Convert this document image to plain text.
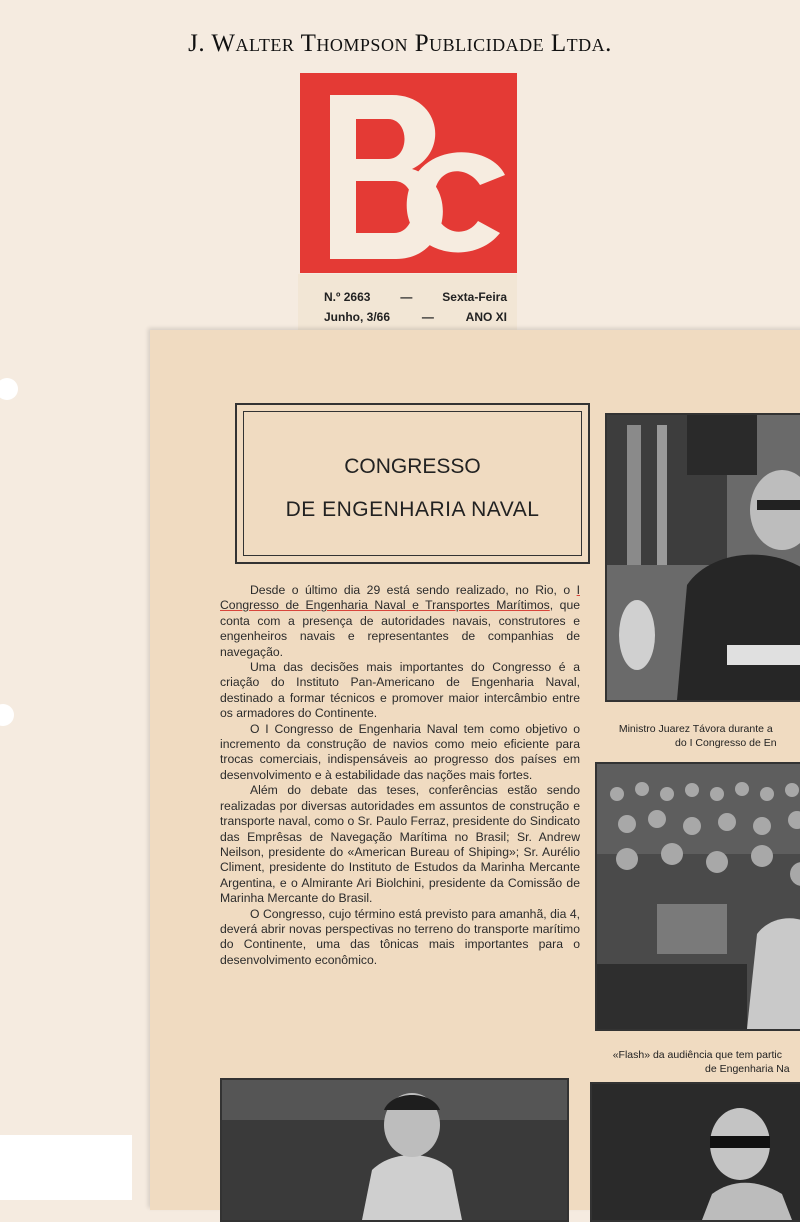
J. Walter Thompson Publicidade Ltda.
N.º 2663 — Sexta-Feira
Junho, 3/66	—	ANO XI
CONGRESSO
DE ENGENHARIA NAVAL

Desde o último dia 29 está sendo realizado, no Rio, o I Congresso de Engenharia Naval e Transportes Marítimos, que conta com a presença de autoridades navais, construtores e engenheiros navais e representantes de companhias de navegação.

Uma das decisões mais importantes do Congresso é a criação do Instituto Pan-Americano de Engenharia Naval, destinado a formar técnicos e promover maior intercâmbio entre os armadores do Continente.

O I Congresso de Engenharia Naval tem como objetivo o incremento da construção de navios como meio eficiente para trocas comerciais, indispensáveis ao progresso dos países em desenvolvimento e à estabilidade das nações mais fortes.

Além do debate das teses, conferências estão sendo realizadas por diversas autoridades em assuntos de construção e transporte naval, como o Sr. Paulo Ferraz, presidente do Sindicato das Emprêsas de Navegação Marítima no Brasil; Sr. Andrew Neilson, presidente do «American Bureau of Shiping»; Sr. Aurélio Climent, presidente do Instituto de Estudos da Marinha Mercante Argentina, e o Almirante Ari Biolchini, presidente da Comissão de Marinha Mercante do Brasil.

O Congresso, cujo término está previsto para amanhã, dia 4, deverá abrir novas perspectivas no terreno do transporte marítimo do Continente, uma das tônicas mais importantes para o desenvolvimento econômico.

Ministro Juarez Távora durante a
do I Congresso de En
«Flash» da audiência que tem partic
de Engenharia Na
